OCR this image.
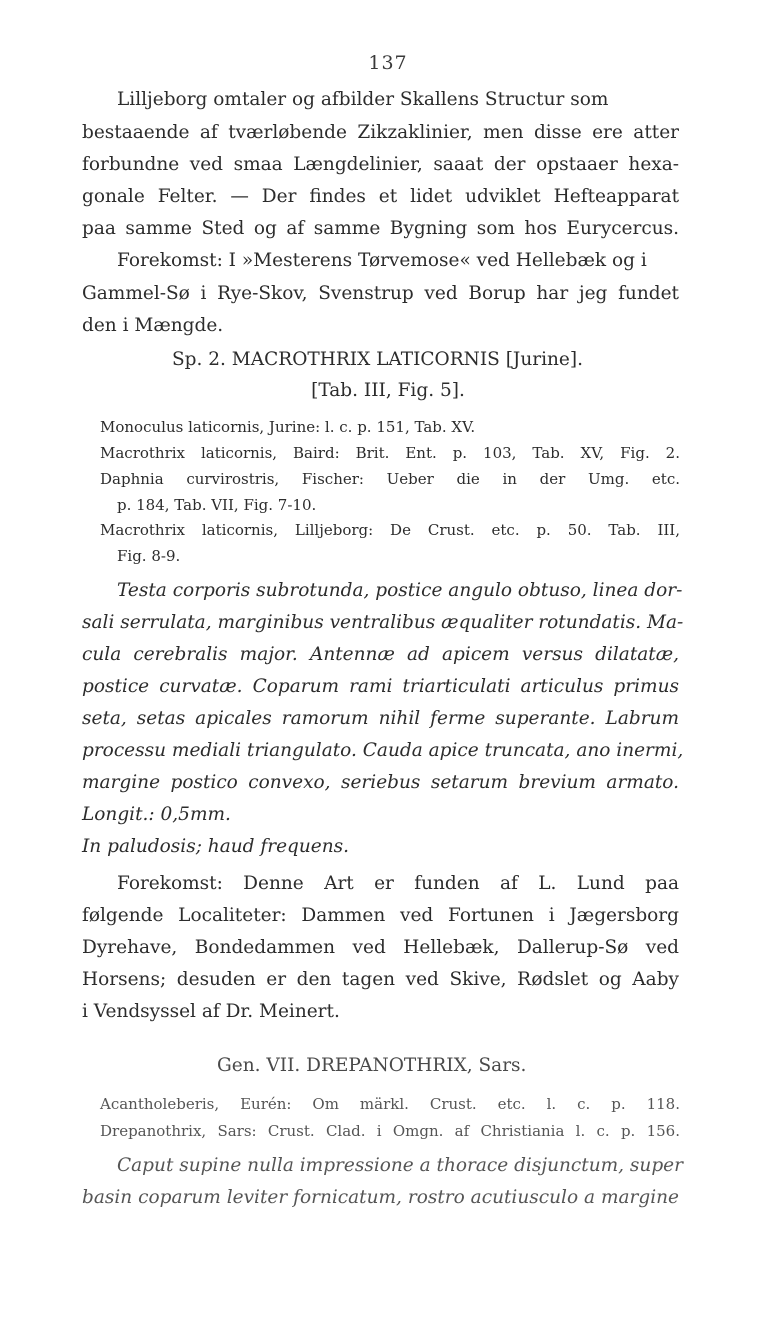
137
Lilljeborg omtaler og afbilder Skallens Structur som
bestaaende af tværløbende Zikzaklinier, men disse ere atter
forbundne ved smaa Længdelinier, saaat der opstaaer hexa-
gonale Felter. — Der findes et lidet udviklet Hefteapparat
paa samme Sted og af samme Bygning som hos Eurycercus.
Forekomst: I »Mesterens Tørvemose« ved Hellebæk og i
Gammel-Sø i Rye-Skov, Svenstrup ved Borup har jeg fundet
den i Mængde.
Sp. 2. MACROTHRIX LATICORNIS [Jurine].
[Tab. III, Fig. 5].
Monoculus laticornis, Jurine: l. c. p. 151, Tab. XV.
Macrothrix laticornis, Baird: Brit. Ent. p. 103, Tab. XV, Fig. 2.
Daphnia curvirostris, Fischer: Ueber die in der Umg. etc.
p. 184, Tab. VII, Fig. 7-10.
Macrothrix laticornis, Lilljeborg: De Crust. etc. p. 50. Tab. III,
Fig. 8-9.
Testa corporis subrotunda, postice angulo obtuso, linea dor-
sali serrulata, marginibus ventralibus æqualiter rotundatis. Ma-
cula cerebralis major. Antennæ ad apicem versus dilatatæ,
postice curvatæ. Coparum rami triarticulati articulus primus
seta, setas apicales ramorum nihil ferme superante. Labrum
processu mediali triangulato. Cauda apice truncata, ano inermi,
margine postico convexo, seriebus setarum brevium armato.
Longit.: 0,5mm.
In paludosis; haud frequens.
Forekomst: Denne Art er funden af L. Lund paa
følgende Localiteter: Dammen ved Fortunen i Jægersborg
Dyrehave, Bondedammen ved Hellebæk, Dallerup-Sø ved
Horsens; desuden er den tagen ved Skive, Rødslet og Aaby
i Vendsyssel af Dr. Meinert.
Gen. VII. DREPANOTHRIX, Sars.
Acantholeberis, Eurén: Om märkl. Crust. etc. l. c. p. 118.
Drepanothrix, Sars: Crust. Clad. i Omgn. af Christiania l. c. p. 156.
Caput supine nulla impressione a thorace disjunctum, super
basin coparum leviter fornicatum, rostro acutiusculo a margine
